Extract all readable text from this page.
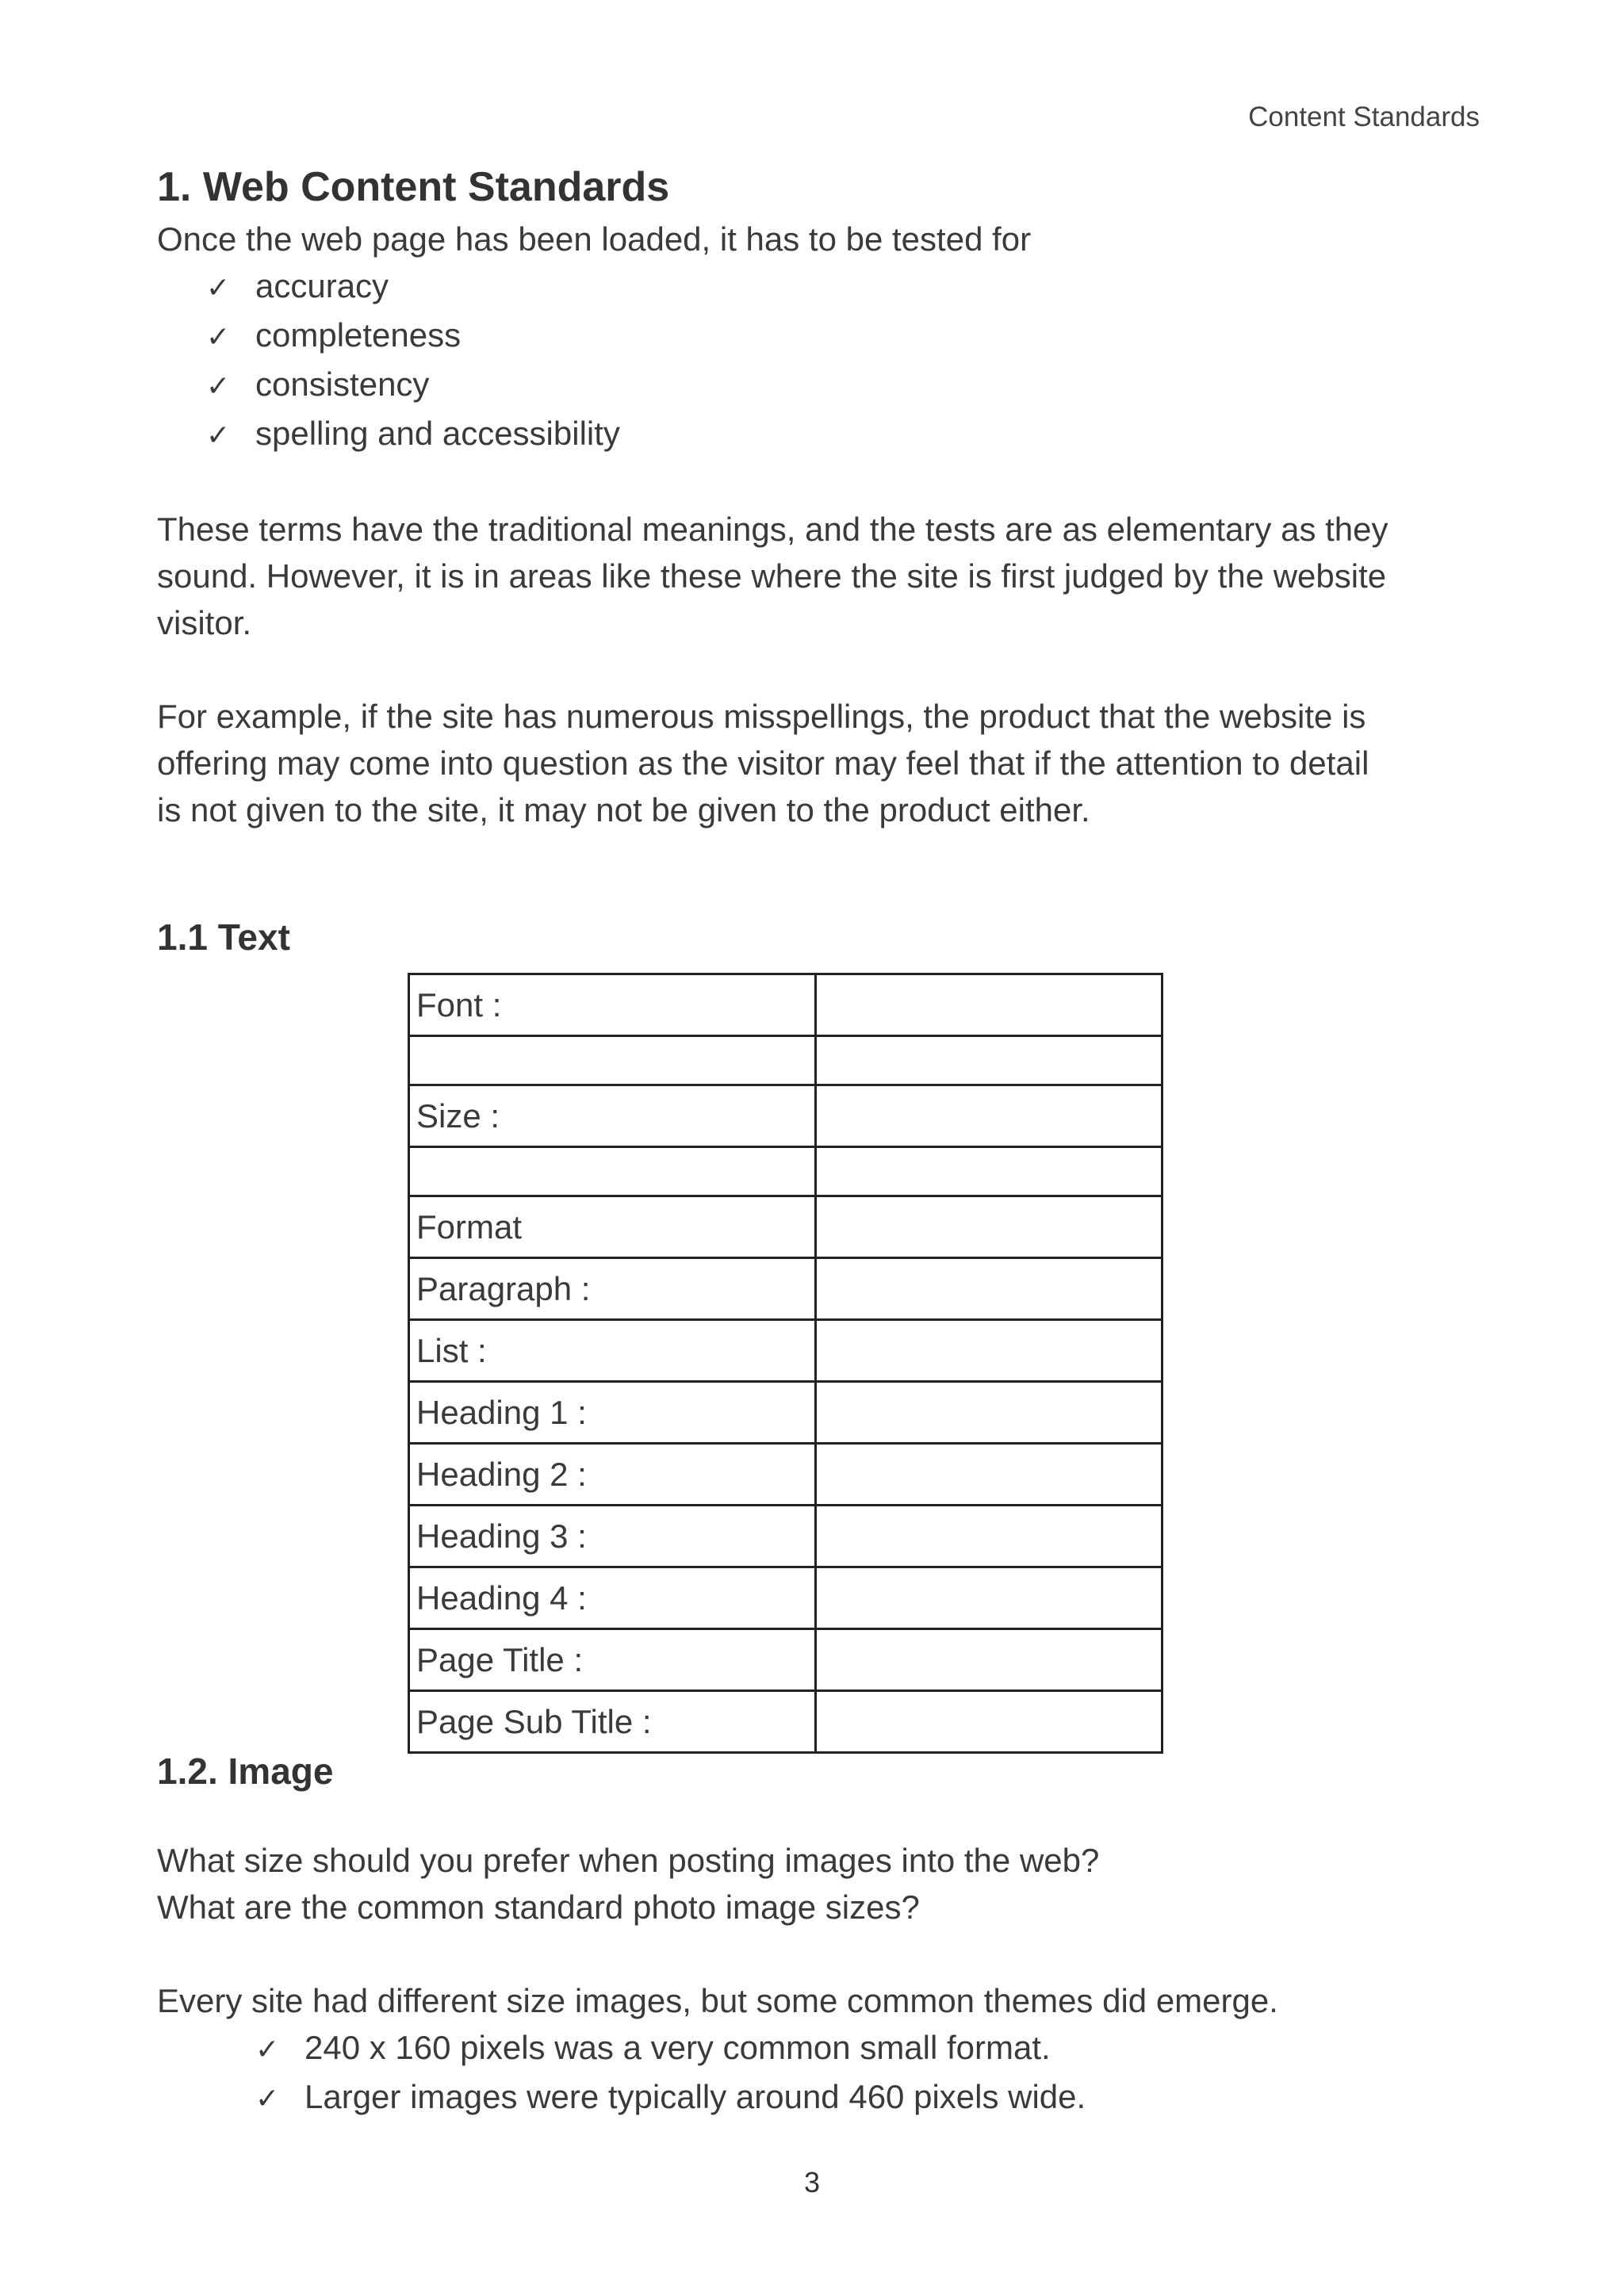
Content Standards
1. Web Content Standards

Once the web page has been loaded, it has to be tested for

✓ accuracy
✓ completeness
✓ consistency
✓ spelling and accessibility

These terms have the traditional meanings, and the tests are as elementary as they

sound. However, it is in areas like these where the site is first judged by the website

visitor.

For example, if the site has numerous misspellings, the product that the website is

offering may come into question as the visitor may feel that if the attention to detail

is not given to the site, it may not be given to the product either.

1.1 Text
Font :	

Size :	

Format	
Paragraph :	
List :	
Heading 1 :	
Heading 2 :	
Heading 3 :	
Heading 4 :	
Page Title :	
Page Sub Title :	
1.2. Image

What size should you prefer when posting images into the web?

What are the common standard photo image sizes?

Every site had different size images, but some common themes did emerge.

✓ 240 x 160 pixels was a very common small format.
✓ Larger images were typically around 460 pixels wide.
3
